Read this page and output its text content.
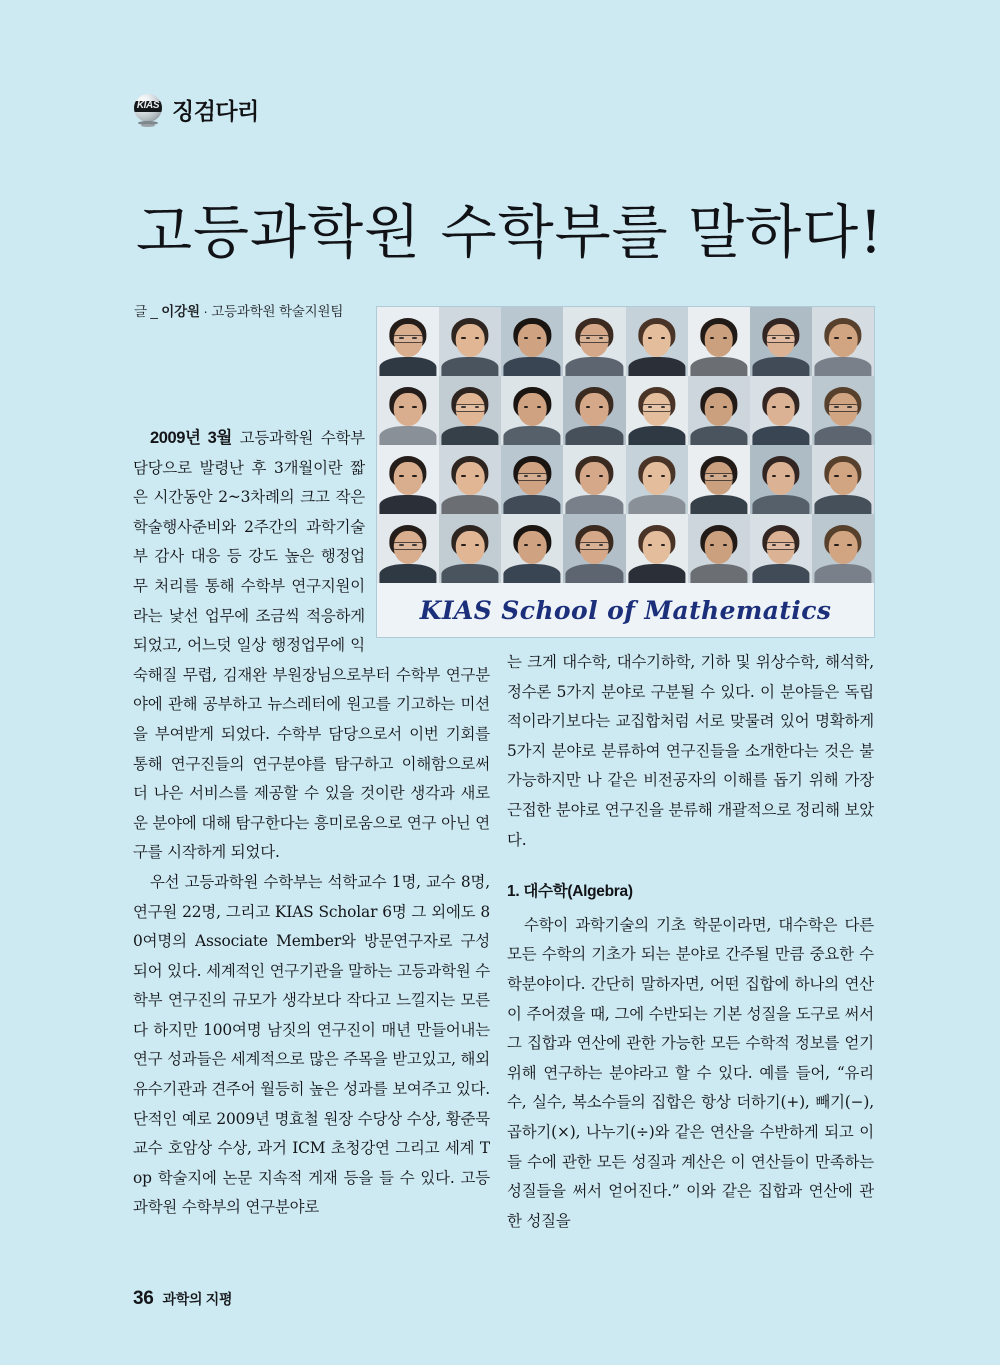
KIAS 징검다리
고등과학원 수학부를 말하다!
글 _ 이강원 · 고등과학원 학술지원팀
KIAS School of Mathematics

2009년 3월 고등과학원 수학부 담당으로 발령난 후 3개월이란 짧은 시간동안 2~3차례의 크고 작은 학술행사준비와 2주간의 과학기술부 감사 대응 등 강도 높은 행정업무 처리를 통해 수학부 연구지원이라는 낯선 업무에 조금씩 적응하게 되었고, 어느덧 일상 행정업무에 익숙해질 무렵, 김재완 부원장님으로부터 수학부 연구분야에 관해 공부하고 뉴스레터에 원고를 기고하는 미션을 부여받게 되었다. 수학부 담당으로서 이번 기회를 통해 연구진들의 연구분야를 탐구하고 이해함으로써 더 나은 서비스를 제공할 수 있을 것이란 생각과 새로운 분야에 대해 탐구한다는 흥미로움으로 연구 아닌 연구를 시작하게 되었다.

우선 고등과학원 수학부는 석학교수 1명, 교수 8명, 연구원 22명, 그리고 KIAS Scholar 6명 그 외에도 80여명의 Associate Member와 방문연구자로 구성되어 있다. 세계적인 연구기관을 말하는 고등과학원 수학부 연구진의 규모가 생각보다 작다고 느낄지는 모른다 하지만 100여명 남짓의 연구진이 매년 만들어내는 연구 성과들은 세계적으로 많은 주목을 받고있고, 해외 유수기관과 견주어 월등히 높은 성과를 보여주고 있다. 단적인 예로 2009년 명효철 원장 수당상 수상, 황준묵 교수 호암상 수상, 과거 ICM 초청강연 그리고 세계 Top 학술지에 논문 지속적 게재 등을 들 수 있다. 고등과학원 수학부의 연구분야로

는 크게 대수학, 대수기하학, 기하 및 위상수학, 해석학, 정수론 5가지 분야로 구분될 수 있다. 이 분야들은 독립적이라기보다는 교집합처럼 서로 맞물려 있어 명확하게 5가지 분야로 분류하여 연구진들을 소개한다는 것은 불가능하지만 나 같은 비전공자의 이해를 돕기 위해 가장 근접한 분야로 연구진을 분류해 개괄적으로 정리해 보았다.

1. 대수학(Algebra)

수학이 과학기술의 기초 학문이라면, 대수학은 다른 모든 수학의 기초가 되는 분야로 간주될 만큼 중요한 수학분야이다. 간단히 말하자면, 어떤 집합에 하나의 연산이 주어졌을 때, 그에 수반되는 기본 성질을 도구로 써서 그 집합과 연산에 관한 가능한 모든 수학적 정보를 얻기 위해 연구하는 분야라고 할 수 있다. 예를 들어, “유리수, 실수, 복소수들의 집합은 항상 더하기(+), 빼기(−), 곱하기(×), 나누기(÷)와 같은 연산을 수반하게 되고 이들 수에 관한 모든 성질과 계산은 이 연산들이 만족하는 성질들을 써서 얻어진다.” 이와 같은 집합과 연산에 관한 성질을

36 과학의 지평
